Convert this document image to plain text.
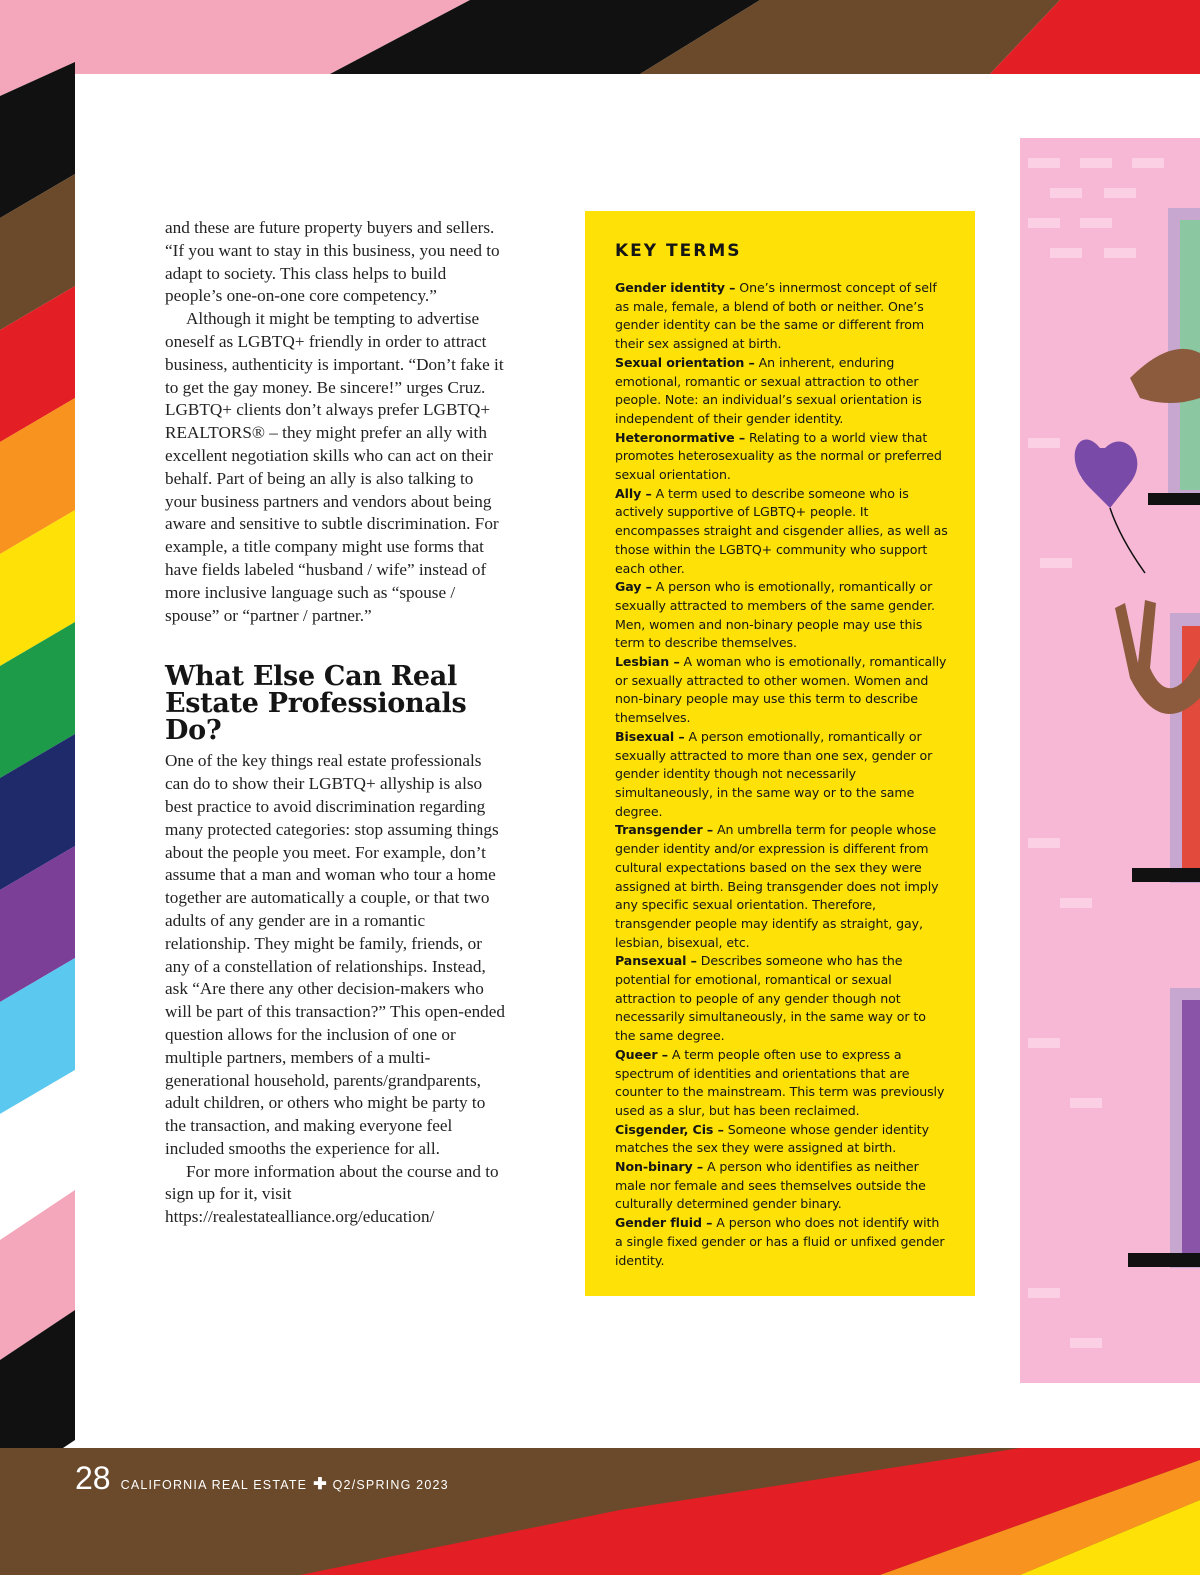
and these are future property buyers and sellers. “If you want to stay in this business, you need to adapt to society. This class helps to build people’s one-on-one core competency.”

Although it might be tempting to advertise oneself as LGBTQ+ friendly in order to attract business, authenticity is important. “Don’t fake it to get the gay money. Be sincere!” urges Cruz. LGBTQ+ clients don’t always prefer LGBTQ+ REALTORS® – they might prefer an ally with excellent negotiation skills who can act on their behalf. Part of being an ally is also talking to your business partners and vendors about being aware and sensitive to subtle discrimination. For example, a title company might use forms that have fields labeled “husband / wife” instead of more inclusive language such as “spouse / spouse” or “partner / partner.”

What Else Can Real Estate Professionals Do?

One of the key things real estate professionals can do to show their LGBTQ+ allyship is also best practice to avoid discrimination regarding many protected categories: stop assuming things about the people you meet. For example, don’t assume that a man and woman who tour a home together are automatically a couple, or that two adults of any gender are in a romantic relationship. They might be family, friends, or any of a constellation of relationships. Instead, ask “Are there any other decision-makers who will be part of this transaction?” This open-ended question allows for the inclusion of one or multiple partners, members of a multi-generational household, parents/grandparents, adult children, or others who might be party to the transaction, and making everyone feel included smooths the experience for all.

For more information about the course and to sign up for it, visit https://realestatealliance.org/education/

KEY TERMS

Gender identity – One’s innermost concept of self as male, female, a blend of both or neither. One’s gender identity can be the same or different from their sex assigned at birth.

Sexual orientation – An inherent, enduring emotional, romantic or sexual attraction to other people. Note: an individual’s sexual orientation is independent of their gender identity.

Heteronormative – Relating to a world view that promotes heterosexuality as the normal or preferred sexual orientation.

Ally – A term used to describe someone who is actively supportive of LGBTQ+ people. It encompasses straight and cisgender allies, as well as those within the LGBTQ+ community who support each other.

Gay – A person who is emotionally, romantically or sexually attracted to members of the same gender. Men, women and non-binary people may use this term to describe themselves.

Lesbian – A woman who is emotionally, romantically or sexually attracted to other women. Women and non-binary people may use this term to describe themselves.

Bisexual – A person emotionally, romantically or sexually attracted to more than one sex, gender or gender identity though not necessarily simultaneously, in the same way or to the same degree.

Transgender – An umbrella term for people whose gender identity and/or expression is different from cultural expectations based on the sex they were assigned at birth. Being transgender does not imply any specific sexual orientation. Therefore, transgender people may identify as straight, gay, lesbian, bisexual, etc.

Pansexual – Describes someone who has the potential for emotional, romantical or sexual attraction to people of any gender though not necessarily simultaneously, in the same way or to the same degree.

Queer – A term people often use to express a spectrum of identities and orientations that are counter to the mainstream. This term was previously used as a slur, but has been reclaimed.

Cisgender, Cis – Someone whose gender identity matches the sex they were assigned at birth.

Non-binary – A person who identifies as neither male nor female and sees themselves outside the culturally determined gender binary.

Gender fluid – A person who does not identify with a single fixed gender or has a fluid or unfixed gender identity.

28 CALIFORNIA REAL ESTATE ✚ Q2/SPRING 2023
